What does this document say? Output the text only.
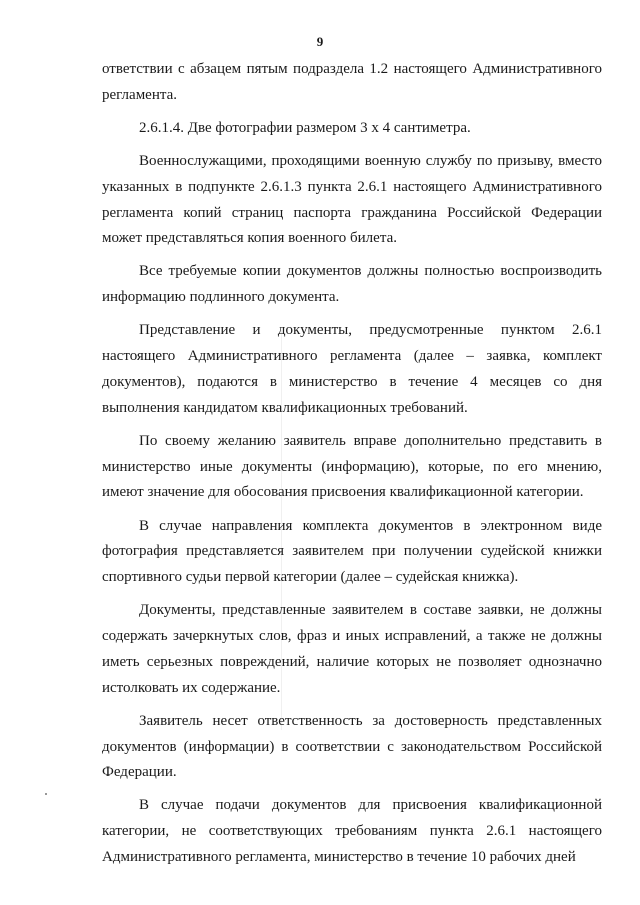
9

ответствии с абзацем пятым подраздела 1.2 настоящего Административного регламента.

2.6.1.4. Две фотографии размером 3 х 4 сантиметра.

Военнослужащими, проходящими военную службу по призыву, вместо указанных в подпункте 2.6.1.3 пункта 2.6.1 настоящего Административного регламента копий страниц паспорта гражданина Российской Федерации может представляться копия военного билета.

Все требуемые копии документов должны полностью воспроизводить информацию подлинного документа.

Представление и документы, предусмотренные пунктом 2.6.1 настоящего Административного регламента (далее – заявка, комплект документов), подаются в министерство в течение 4 месяцев со дня выполнения кандидатом квалификационных требований.

По своему желанию заявитель вправе дополнительно представить в министерство иные документы (информацию), которые, по его мнению, имеют значение для обосования присвоения квалификационной категории.

В случае направления комплекта документов в электронном виде фотография представляется заявителем при получении судейской книжки спортивного судьи первой категории (далее – судейская книжка).

Документы, представленные заявителем в составе заявки, не должны содержать зачеркнутых слов, фраз и иных исправлений, а также не должны иметь серьезных повреждений, наличие которых не позволяет однозначно истолковать их содержание.

Заявитель несет ответственность за достоверность представленных документов (информации) в соответствии с законодательством Российской Федерации.

В случае подачи документов для присвоения квалификационной категории, не соответствующих требованиям пункта 2.6.1 настоящего Административного регламента, министерство в течение 10 рабочих дней
